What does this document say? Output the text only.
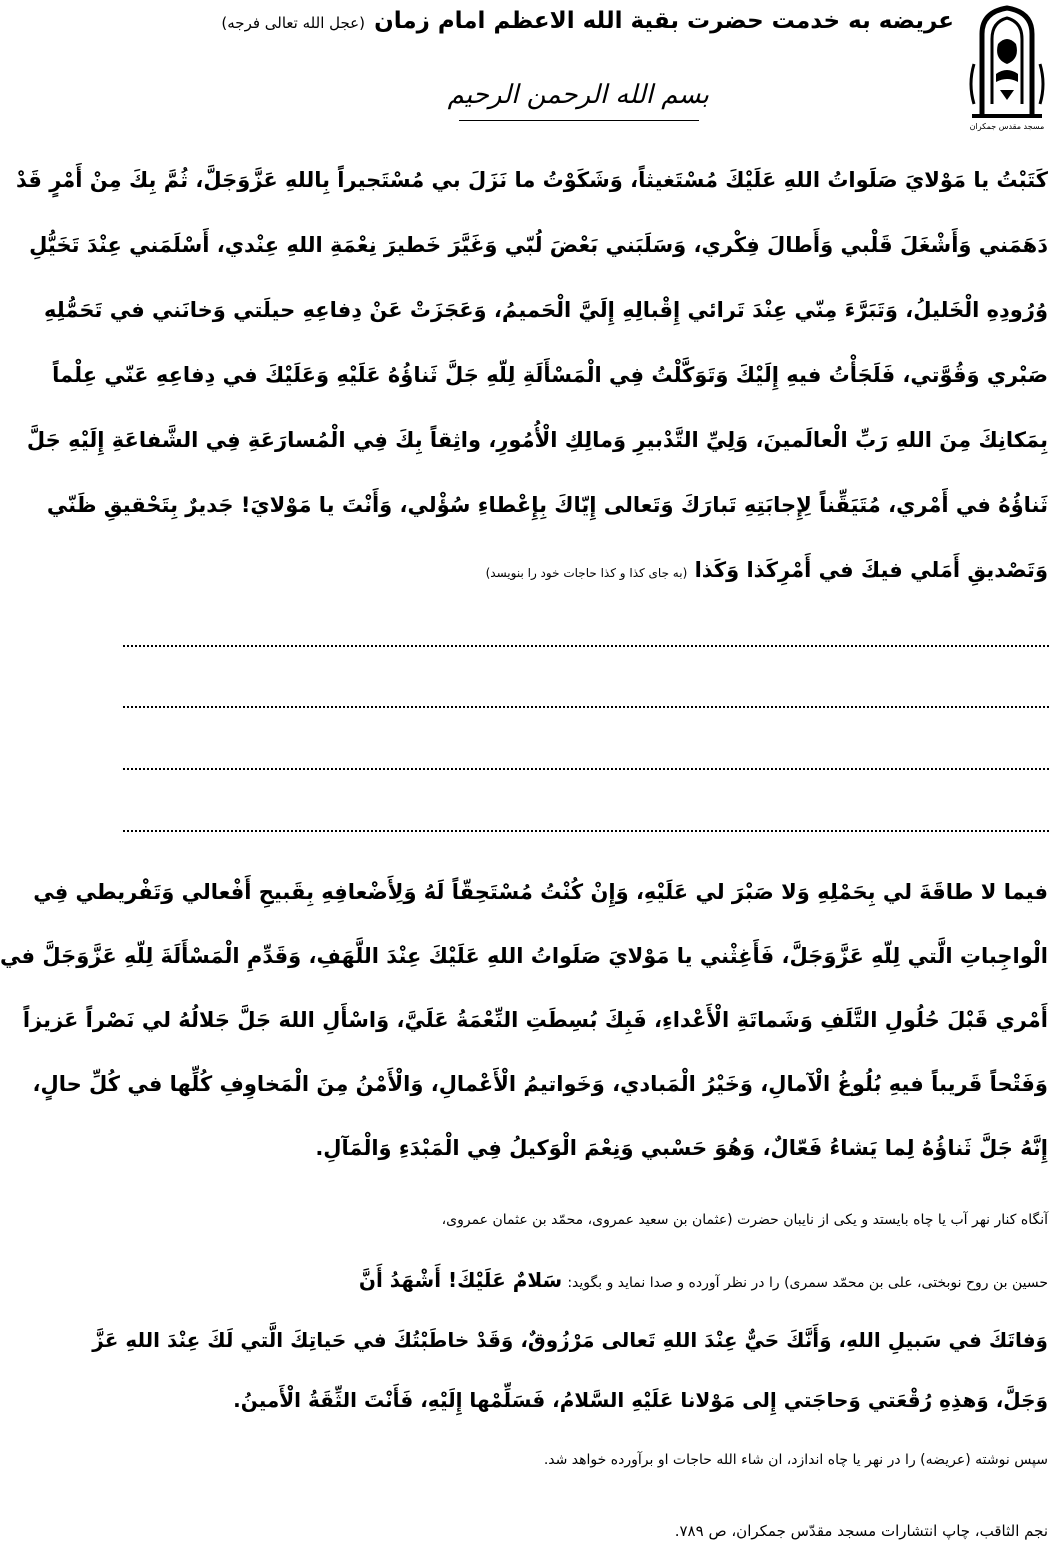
مسجد مقدس جمکران
عریضه به خدمت حضرت بقیة الله الاعظم امام زمان (عجل الله تعالی فرجه)
بسم الله الرحمن الرحیم
كَتَبْتُ يا مَوْلايَ صَلَواتُ اللهِ عَلَيْكَ مُسْتَغيثاً، وَشَكَوْتُ ما نَزَلَ بي مُسْتَجيراً بِاللهِ عَزَّوَجَلَّ، ثُمَّ بِكَ مِنْ أَمْرٍ قَدْ
دَهَمَني وَأَشْغَلَ قَلْبي وَأَطالَ فِكْري، وَسَلَبَني بَعْضَ لُبّي وَغَيَّرَ خَطيرَ نِعْمَةِ اللهِ عِنْدي، أَسْلَمَني عِنْدَ تَخَيُّلِ
وُرُودِهِ الْخَليلُ، وَتَبَرَّءَ مِنّي عِنْدَ تَرائي إِقْبالِهِ إِلَيَّ الْحَميمُ، وَعَجَزَتْ عَنْ دِفاعِهِ حيلَتي وَخانَني في تَحَمُّلِهِ
صَبْري وَقُوَّتي، فَلَجَأْتُ فيهِ إِلَيْكَ وَتَوَكَّلْتُ فِي الْمَسْأَلَةِ لِلّهِ جَلَّ ثَناؤُهُ عَلَيْهِ وَعَلَيْكَ في دِفاعِهِ عَنّي عِلْماً
بِمَكانِكَ مِنَ اللهِ رَبِّ الْعالَمينَ، وَلِيِّ التَّدْبيرِ وَمالِكِ الْأُمُورِ، واثِقاً بِكَ فِي الْمُسارَعَةِ فِي الشَّفاعَةِ إِلَيْهِ جَلَّ
ثَناؤُهُ في أَمْري، مُتَيَقِّناً لِإِجابَتِهِ تَبارَكَ وَتَعالى إِيّاكَ بِإِعْطاءِ سُؤْلي، وَأَنْتَ يا مَوْلايَ! جَديرٌ بِتَحْقيقِ ظَنّي
وَتَصْديقِ أَمَلي فيكَ في أَمْرِكَذا وَكَذا (به جای کذا و کذا حاجات خود را بنویسد)
فيما لا طاقَةَ لي بِحَمْلِهِ وَلا صَبْرَ لي عَلَيْهِ، وَإِنْ كُنْتُ مُسْتَحِقّاً لَهُ وَلِأَضْعافِهِ بِقَبيحِ أَفْعالي وَتَفْريطي فِي
الْواجِباتِ الَّتي لِلّهِ عَزَّوَجَلَّ، فَأَغِثْني يا مَوْلايَ صَلَواتُ اللهِ عَلَيْكَ عِنْدَ اللَّهَفِ، وَقَدِّمِ الْمَسْأَلَةَ لِلّهِ عَزَّوَجَلَّ في
أَمْري قَبْلَ حُلُولِ التَّلَفِ وَشَماتَةِ الْأَعْداءِ، فَبِكَ بُسِطَتِ النِّعْمَةُ عَلَيَّ، وَاسْأَلِ اللهَ جَلَّ جَلالُهُ لي نَصْراً عَزيزاً
وَفَتْحاً قَريباً فيهِ بُلُوغُ الْآمالِ، وَخَيْرُ الْمَبادي، وَخَواتيمُ الْأَعْمالِ، وَالْأَمْنُ مِنَ الْمَخاوِفِ كُلِّها في كُلِّ حالٍ،
إِنَّهُ جَلَّ ثَناؤُهُ لِما يَشاءُ فَعّالٌ، وَهُوَ حَسْبي وَنِعْمَ الْوَكيلُ فِي الْمَبْدَءِ وَالْمَآلِ.
آنگاه کنار نهر آب یا چاه بایستد و یکی از نایبان حضرت (عثمان بن سعید عمروی، محمّد بن عثمان عمروی،
حسین بن روح نوبختی، علی بن محمّد سمری) را در نظر آورده و صدا نماید و بگوید: سَلامٌ عَلَيْكَ! أَشْهَدُ أَنَّ
وَفاتَكَ في سَبيلِ اللهِ، وَأَنَّكَ حَيٌّ عِنْدَ اللهِ تَعالى مَرْزُوقٌ، وَقَدْ خاطَبْتُكَ في حَياتِكَ الَّتي لَكَ عِنْدَ اللهِ عَزَّ
وَجَلَّ، وَهذِهِ رُقْعَتي وَحاجَتي إِلى مَوْلانا عَلَيْهِ السَّلامُ، فَسَلِّمْها إِلَيْهِ، فَأَنْتَ الثِّقَةُ الْأَمينُ.
سپس نوشته (عریضه) را در نهر یا چاه اندازد، ان شاء الله حاجات او برآورده خواهد شد.
نجم الثاقب، چاپ انتشارات مسجد مقدّس جمکران، ص ۷۸۹.
